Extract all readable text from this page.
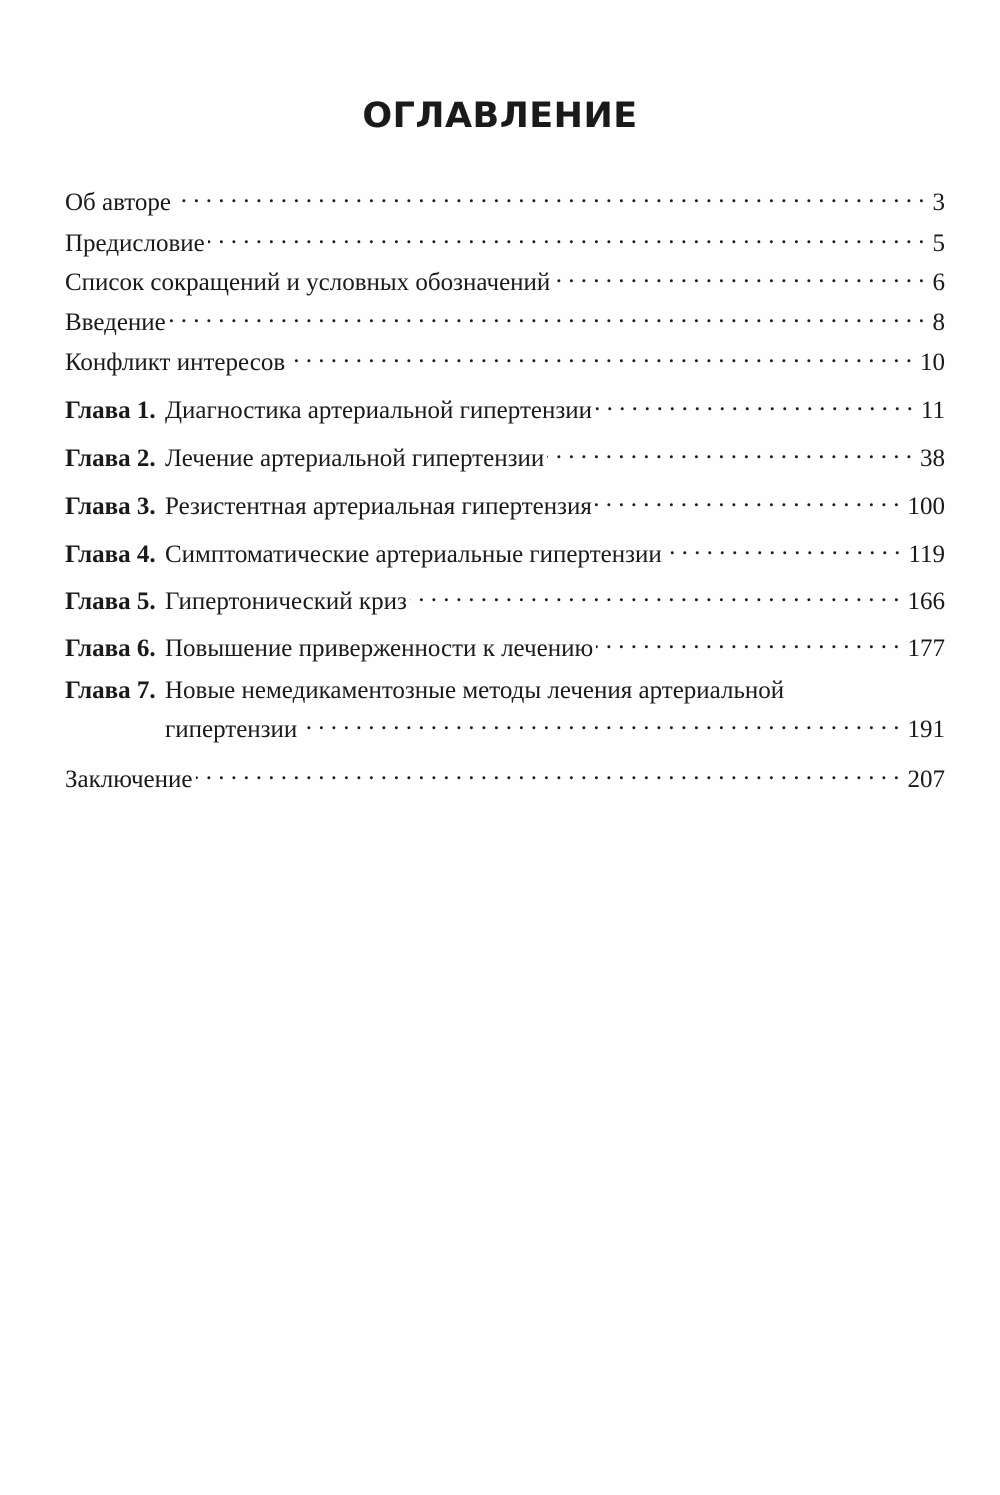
ОГЛАВЛЕНИЕ
Об авторе . . .	3
Предисловие . . .	5
Список сокращений и условных обозначений . . .	6
Введение . . .	8
Конфликт интересов . . .	10
Глава 1. Диагностика артериальной гипертензии . . .	11
Глава 2. Лечение артериальной гипертензии . . .	38
Глава 3. Резистентная артериальная гипертензия . . .	100
Глава 4. Симптоматические артериальные гипертензии . . .	119
Глава 5. Гипертонический криз . . .	166
Глава 6. Повышение приверженности к лечению . . .	177
Глава 7. Новые немедикаментозные методы лечения артериальной
гипертензии . . .	191
Заключение . . .	207
